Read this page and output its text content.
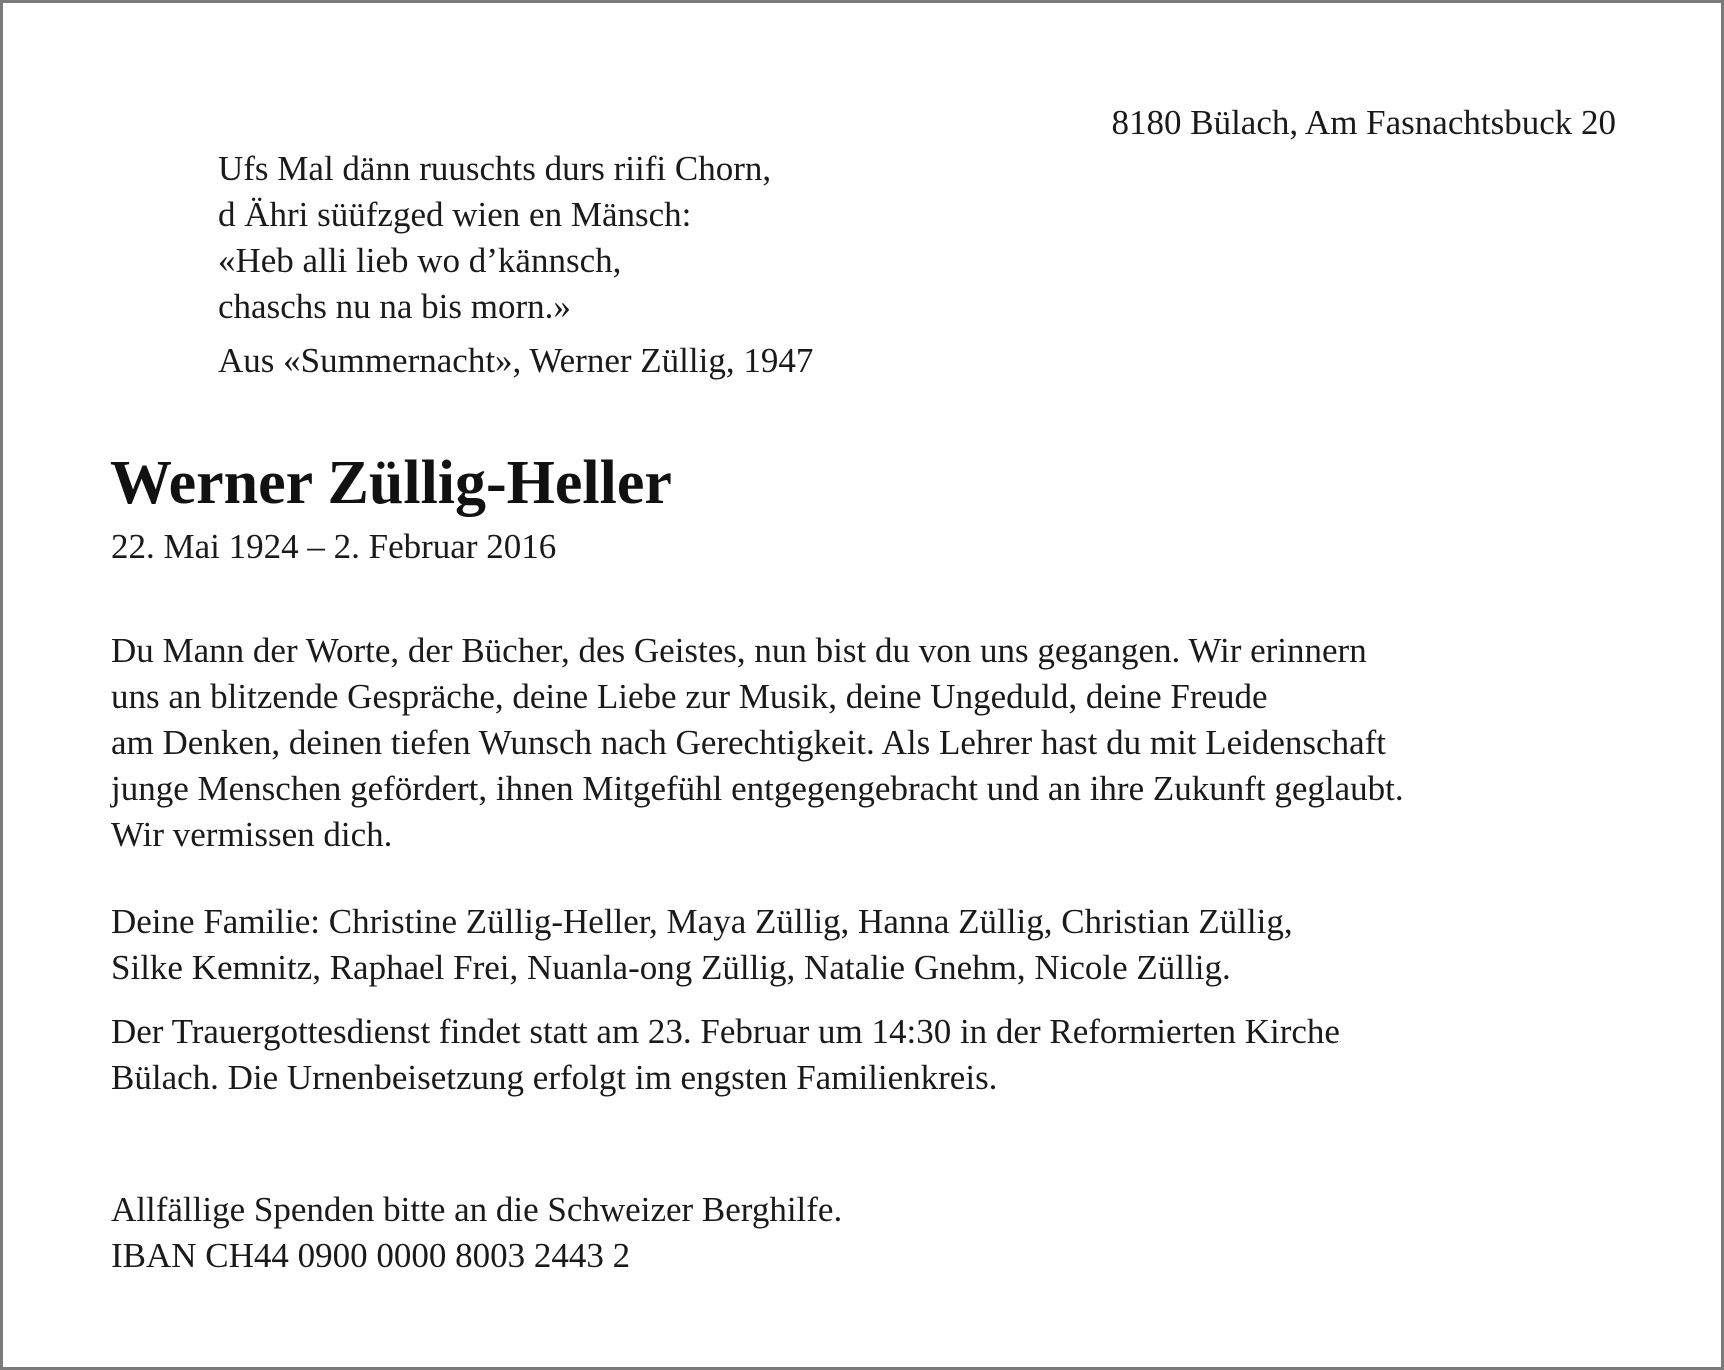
8180 Bülach, Am Fasnachtsbuck 20
Ufs Mal dänn ruuschts durs riifi Chorn,
d Ähri süüfzged wien en Mänsch:
«Heb alli lieb wo d’kännsch,
chaschs nu na bis morn.»
Aus «Summernacht», Werner Züllig, 1947
Werner Züllig-Heller
22. Mai 1924 – 2. Februar 2016
Du Mann der Worte, der Bücher, des Geistes, nun bist du von uns gegangen. Wir erinnern
uns an blitzende Gespräche, deine Liebe zur Musik, deine Ungeduld, deine Freude
am Denken, deinen tiefen Wunsch nach Gerechtigkeit. Als Lehrer hast du mit Leidenschaft
junge Menschen gefördert, ihnen Mitgefühl entgegengebracht und an ihre Zukunft geglaubt.
Wir vermissen dich.
Deine Familie: Christine Züllig-Heller, Maya Züllig, Hanna Züllig, Christian Züllig,
Silke Kemnitz, Raphael Frei, Nuanla-ong Züllig, Natalie Gnehm, Nicole Züllig.
Der Trauergottesdienst findet statt am 23. Februar um 14:30 in der Reformierten Kirche
Bülach. Die Urnenbeisetzung erfolgt im engsten Familienkreis.
Allfällige Spenden bitte an die Schweizer Berghilfe.
IBAN CH44 0900 0000 8003 2443 2
